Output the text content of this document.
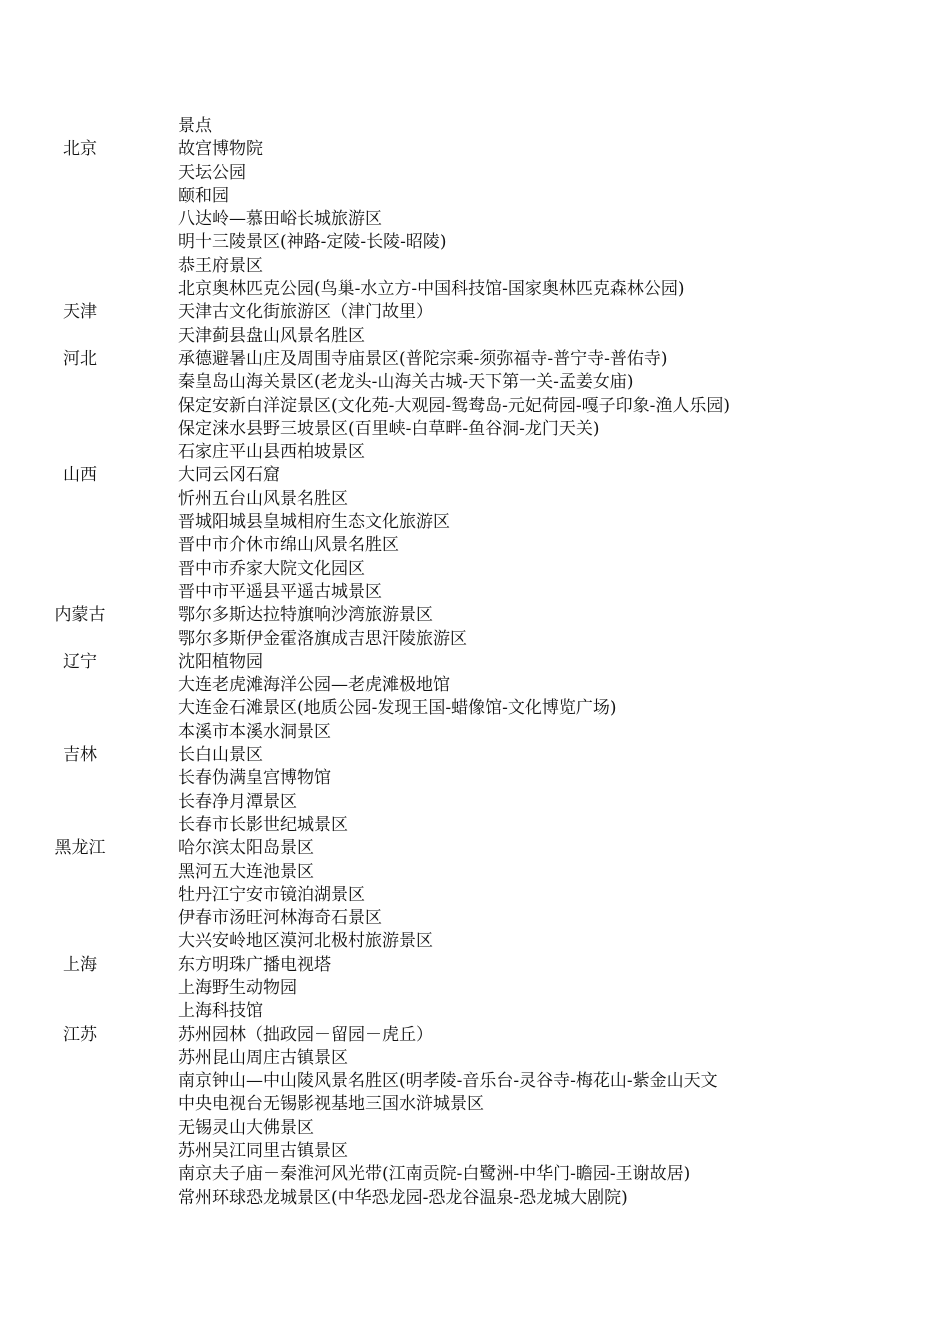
景点
北京	故宫博物院
天坛公园
颐和园
八达岭—慕田峪长城旅游区
明十三陵景区(神路-定陵-长陵-昭陵)
恭王府景区
北京奥林匹克公园(鸟巢-水立方-中国科技馆-国家奥林匹克森林公园)
天津	天津古文化街旅游区（津门故里）
天津蓟县盘山风景名胜区
河北	承德避暑山庄及周围寺庙景区(普陀宗乘-须弥福寺-普宁寺-普佑寺)
秦皇岛山海关景区(老龙头-山海关古城-天下第一关-孟姜女庙)
保定安新白洋淀景区(文化苑-大观园-鸳鸯岛-元妃荷园-嘎子印象-渔人乐园)
保定涞水县野三坡景区(百里峡-白草畔-鱼谷洞-龙门天关)
石家庄平山县西柏坡景区
山西	大同云冈石窟
忻州五台山风景名胜区
晋城阳城县皇城相府生态文化旅游区
晋中市介休市绵山风景名胜区
晋中市乔家大院文化园区
晋中市平遥县平遥古城景区
内蒙古	鄂尔多斯达拉特旗响沙湾旅游景区
鄂尔多斯伊金霍洛旗成吉思汗陵旅游区
辽宁	沈阳植物园
大连老虎滩海洋公园—老虎滩极地馆
大连金石滩景区(地质公园-发现王国-蜡像馆-文化博览广场)
本溪市本溪水洞景区
吉林	长白山景区
长春伪满皇宫博物馆
长春净月潭景区
长春市长影世纪城景区
黑龙江	哈尔滨太阳岛景区
黑河五大连池景区
牡丹江宁安市镜泊湖景区
伊春市汤旺河林海奇石景区
大兴安岭地区漠河北极村旅游景区
上海	东方明珠广播电视塔
上海野生动物园
上海科技馆
江苏	苏州园林（拙政园－留园－虎丘）
苏州昆山周庄古镇景区
南京钟山—中山陵风景名胜区(明孝陵-音乐台-灵谷寺-梅花山-紫金山天文
中央电视台无锡影视基地三国水浒城景区
无锡灵山大佛景区
苏州吴江同里古镇景区
南京夫子庙－秦淮河风光带(江南贡院-白鹭洲-中华门-瞻园-王谢故居)
常州环球恐龙城景区(中华恐龙园-恐龙谷温泉-恐龙城大剧院)
